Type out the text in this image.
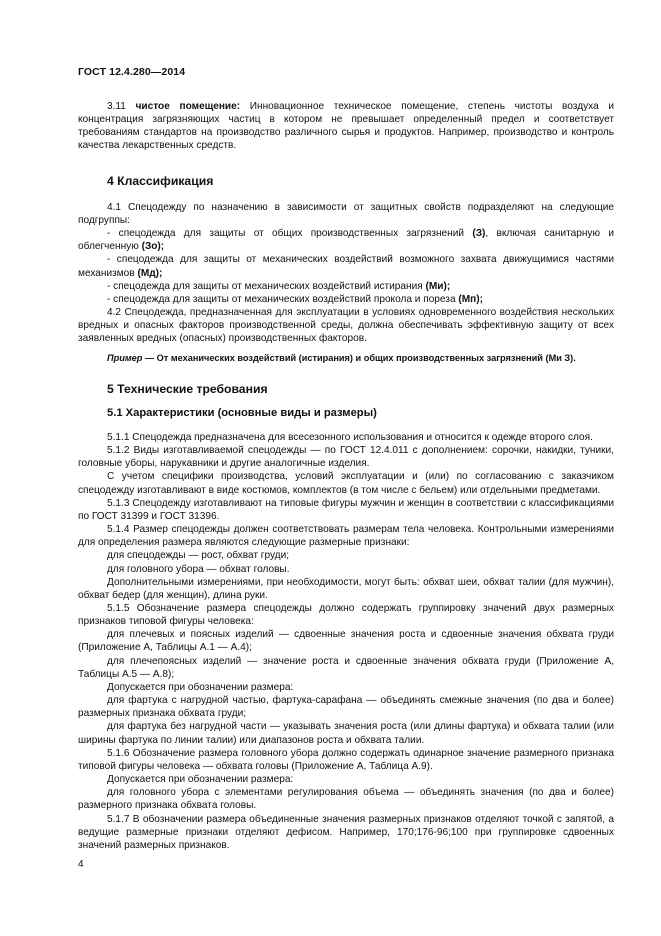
ГОСТ 12.4.280—2014

3.11 чистое помещение: Инновационное техническое помещение, степень чистоты воздуха и концентрация загрязняющих частиц в котором не превышает определенный предел и соответствует требованиям стандартов на производство различного сырья и продуктов. Например, производство и контроль качества лекарственных средств.

4 Классификация

4.1 Спецодежду по назначению в зависимости от защитных свойств подразделяют на следующие подгруппы:

- спецодежда для защиты от общих производственных загрязнений (З), включая санитарную и облегченную (Зо);

- спецодежда для защиты от механических воздействий возможного захвата движущимися частями механизмов (Мд);

- спецодежда для защиты от механических воздействий истирания (Ми);

- спецодежда для защиты от механических воздействий прокола и пореза (Мп);

4.2 Спецодежда, предназначенная для эксплуатации в условиях одновременного воздействия нескольких вредных и опасных факторов производственной среды, должна обеспечивать эффективную защиту от всех заявленных вредных (опасных) производственных факторов.

Пример — От механических воздействий (истирания) и общих производственных загрязнений (Ми З).

5 Технические требования

5.1 Характеристики (основные виды и размеры)

5.1.1 Спецодежда предназначена для всесезонного использования и относится к одежде второго слоя.

5.1.2 Виды изготавливаемой спецодежды — по ГОСТ 12.4.011 с дополнением: сорочки, накидки, туники, головные уборы, нарукавники и другие аналогичные изделия.

С учетом специфики производства, условий эксплуатации и (или) по согласованию с заказчиком спецодежду изготавливают в виде костюмов, комплектов (в том числе с бельем) или отдельными предметами.

5.1.3 Спецодежду изготавливают на типовые фигуры мужчин и женщин в соответствии с классификациями по ГОСТ 31399 и ГОСТ 31396.

5.1.4 Размер спецодежды должен соответствовать размерам тела человека. Контрольными измерениями для определения размера являются следующие размерные признаки:

для спецодежды — рост, обхват груди;

для головного убора — обхват головы.

Дополнительными измерениями, при необходимости, могут быть: обхват шеи, обхват талии (для мужчин), обхват бедер (для женщин), длина руки.

5.1.5 Обозначение размера спецодежды должно содержать группировку значений двух размерных признаков типовой фигуры человека:

для плечевых и поясных изделий — сдвоенные значения роста и сдвоенные значения обхвата груди (Приложение А, Таблицы А.1 — А.4);

для плечепоясных изделий — значение роста и сдвоенные значения обхвата груди (Приложение А, Таблицы А.5 — А.8);

Допускается при обозначении размера:

для фартука с нагрудной частью, фартука-сарафана — объединять смежные значения (по два и более) размерных признака обхвата груди;

для фартука без нагрудной части — указывать значения роста (или длины фартука) и обхвата талии (или ширины фартука по линии талии) или диапазонов роста и обхвата талии.

5.1.6 Обозначение размера головного убора должно содержать одинарное значение размерного признака типовой фигуры человека — обхвата головы (Приложение А, Таблица А.9).

Допускается при обозначении размера:

для головного убора с элементами регулирования объема — объединять значения (по два и более) размерного признака обхвата головы.

5.1.7 В обозначении размера объединенные значения размерных признаков отделяют точкой с запятой, а ведущие размерные признаки отделяют дефисом. Например, 170;176-96;100 при группировке сдвоенных значений размерных признаков.

4
